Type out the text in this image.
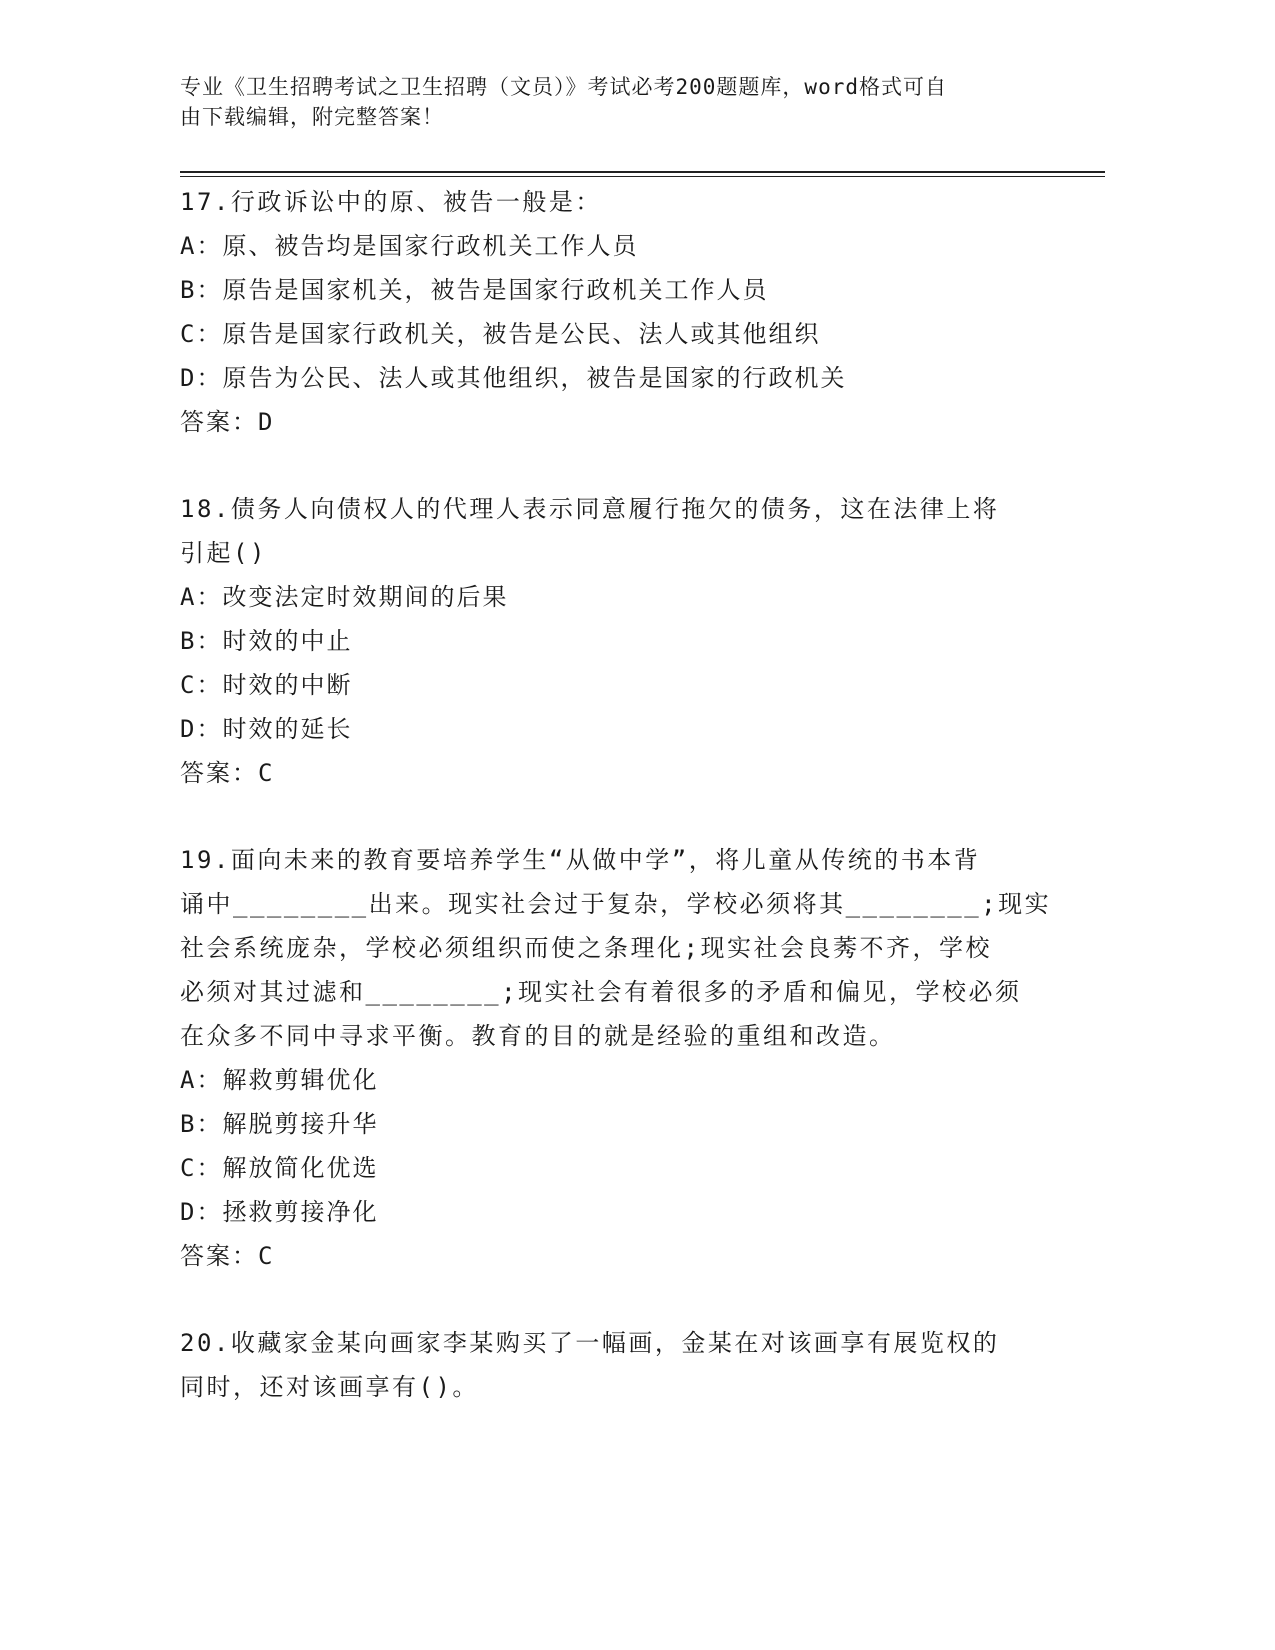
专业《卫生招聘考试之卫生招聘（文员）》考试必考200题题库，word格式可自
由下载编辑，附完整答案！
17.行政诉讼中的原、被告一般是：
A：原、被告均是国家行政机关工作人员
B：原告是国家机关，被告是国家行政机关工作人员
C：原告是国家行政机关，被告是公民、法人或其他组织
D：原告为公民、法人或其他组织，被告是国家的行政机关
答案：D
18.债务人向债权人的代理人表示同意履行拖欠的债务，这在法律上将
引起()
A：改变法定时效期间的后果
B：时效的中止
C：时效的中断
D：时效的延长
答案：C
19.面向未来的教育要培养学生“从做中学”，将儿童从传统的书本背
诵中________出来。现实社会过于复杂，学校必须将其________;现实
社会系统庞杂，学校必须组织而使之条理化;现实社会良莠不齐，学校
必须对其过滤和________;现实社会有着很多的矛盾和偏见，学校必须
在众多不同中寻求平衡。教育的目的就是经验的重组和改造。
A：解救剪辑优化
B：解脱剪接升华
C：解放简化优选
D：拯救剪接净化
答案：C
20.收藏家金某向画家李某购买了一幅画，金某在对该画享有展览权的
同时，还对该画享有()。
